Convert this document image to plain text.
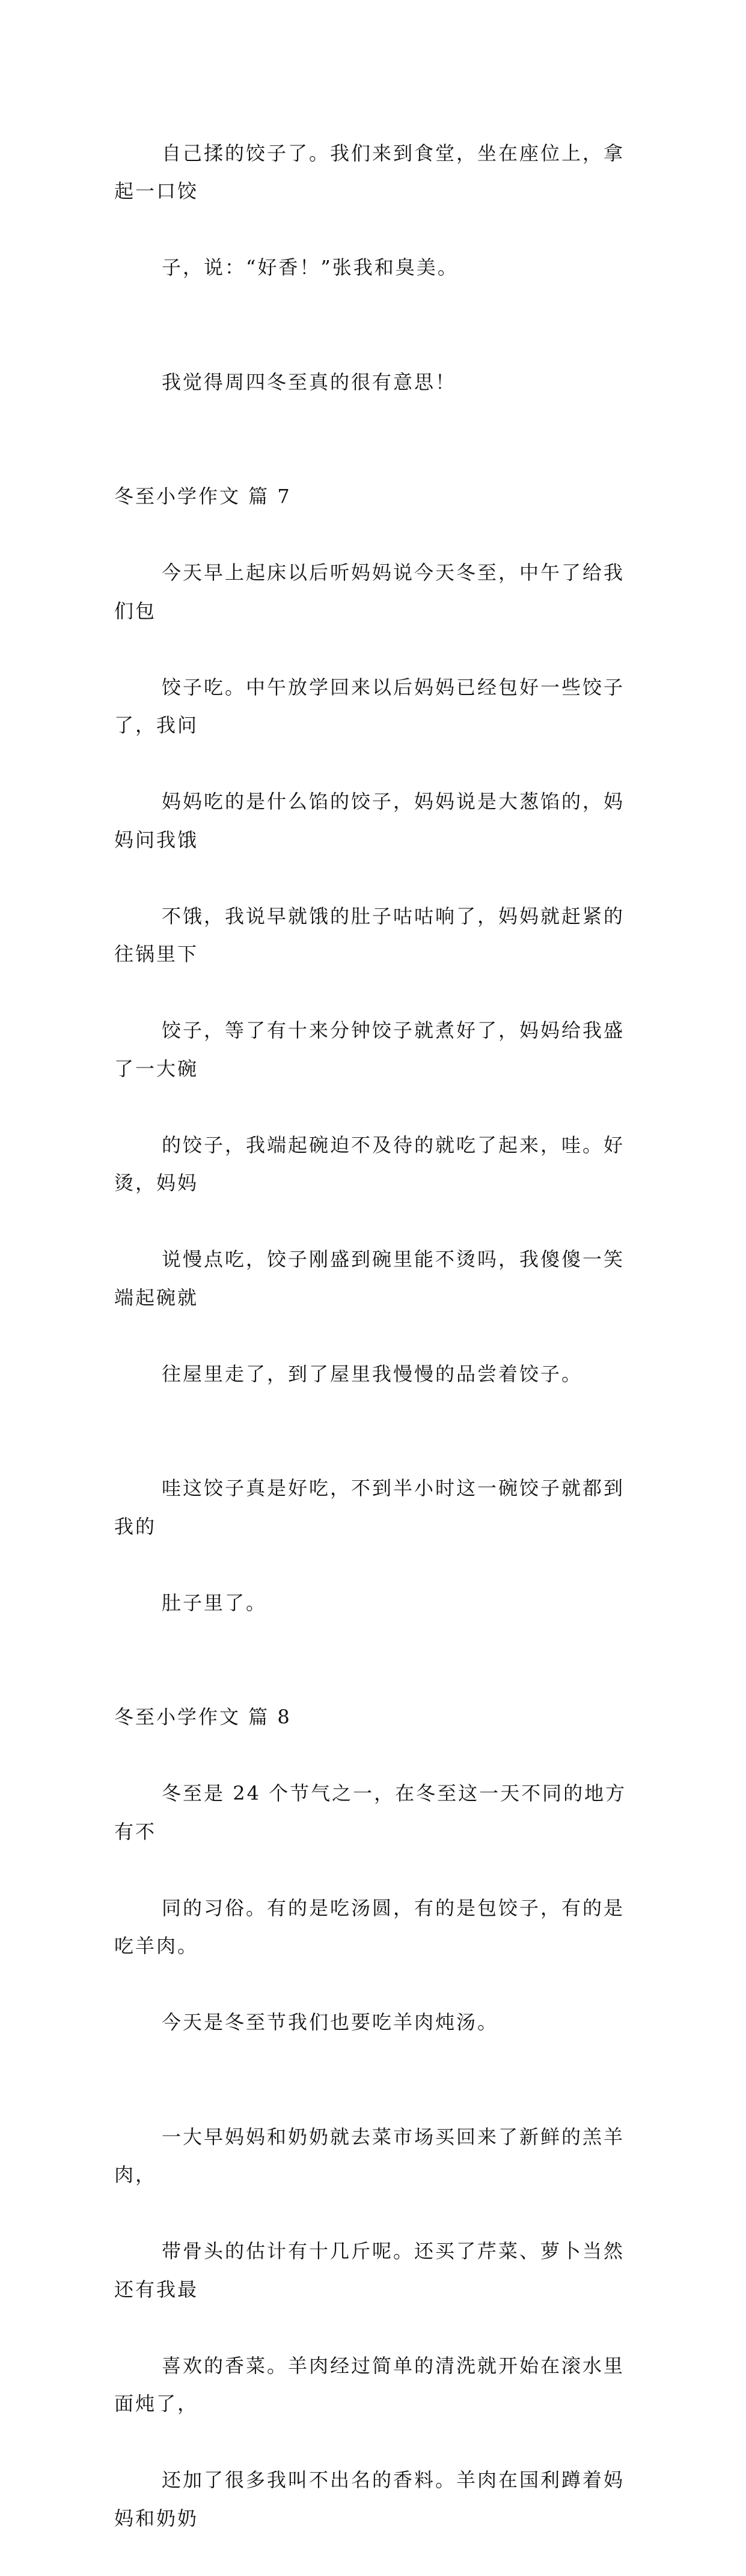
自己揉的饺子了。我们来到食堂，坐在座位上，拿起一口饺

子，说：“好香！”张我和臭美。

我觉得周四冬至真的很有意思！

冬至小学作文 篇 7

今天早上起床以后听妈妈说今天冬至，中午了给我们包

饺子吃。中午放学回来以后妈妈已经包好一些饺子了，我问

妈妈吃的是什么馅的饺子，妈妈说是大葱馅的，妈妈问我饿

不饿，我说早就饿的肚子咕咕响了，妈妈就赶紧的往锅里下

饺子，等了有十来分钟饺子就煮好了，妈妈给我盛了一大碗

的饺子，我端起碗迫不及待的就吃了起来，哇。好烫，妈妈

说慢点吃，饺子刚盛到碗里能不烫吗，我傻傻一笑端起碗就

往屋里走了，到了屋里我慢慢的品尝着饺子。

哇这饺子真是好吃，不到半小时这一碗饺子就都到我的

肚子里了。

冬至小学作文 篇 8

冬至是 24 个节气之一，在冬至这一天不同的地方有不

同的习俗。有的是吃汤圆，有的是包饺子，有的是吃羊肉。

今天是冬至节我们也要吃羊肉炖汤。

一大早妈妈和奶奶就去菜市场买回来了新鲜的羔羊肉，

带骨头的估计有十几斤呢。还买了芹菜、萝卜当然还有我最

喜欢的香菜。羊肉经过简单的清洗就开始在滚水里面炖了，

还加了很多我叫不出名的香料。羊肉在国利蹲着妈妈和奶奶
